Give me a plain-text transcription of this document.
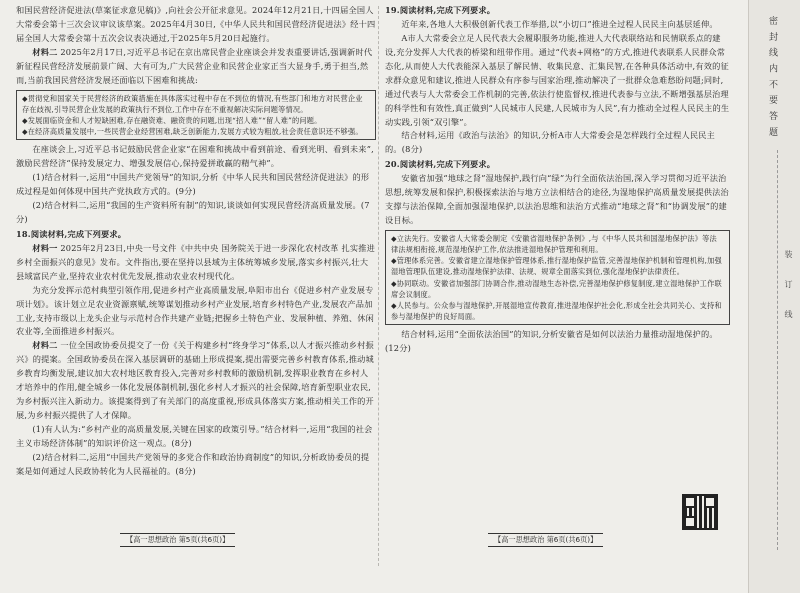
和国民营经济促进法(草案征求意见稿)》,向社会公开征求意见。2024年12月21日,十四届全国人大常委会第十三次会议审议该草案。2025年4月30日,《中华人民共和国民营经济促进法》经十四届全国人大常委会第十五次会议表决通过,于2025年5月20日起施行。

材料二 2025年2月17日,习近平总书记在京出席民营企业座谈会并发表重要讲话,强调新时代新征程民营经济发展前景广阔、大有可为,广大民营企业和民营企业家正当大显身手,勇于担当,然而,当前我国民营经济发展还面临以下困难和挑战:

◆贯彻党和国家关于民营经济的政策措施在具体落实过程中存在不到位的情况,有些部门和地方对民营企业存在歧视,引导民营企业发展的政策执行不到位,工作中存在不重视解决实际问题等情况。

◆发展面临资金和人才短缺困难,存在融资难、融资贵的问题,出现“招人难”“留人难”的问题。

◆在经济高质量发展中,一些民营企业经营困难,缺乏创新能力,发展方式较为粗放,社会责任意识还不够强。

在座谈会上,习近平总书记鼓励民营企业家“在困难和挑战中看到前途、看到光明、看到未来”,激励民营经济“保持发展定力、增强发展信心,保持爱拼敢赢的精气神”。

(1)结合材料一,运用“中国共产党领导”的知识,分析《中华人民共和国民营经济促进法》的形成过程是如何体现中国共产党执政方式的。(9分)

(2)结合材料二,运用“我国的生产资料所有制”的知识,谈谈如何实现民营经济高质量发展。(7分)

18.阅读材料,完成下列要求。

材料一 2025年2月23日,中央一号文件《中共中央 国务院关于进一步深化农村改革 扎实推进乡村全面振兴的意见》发布。文件指出,要在坚持以县域为主体统筹城乡发展,落实乡村振兴,壮大县域富民产业,坚持农业农村优先发展,推动农业农村现代化。

为充分发挥示范村典型引领作用,促进乡村产业高质量发展,阜阳市出台《促进乡村产业发展专项计划》。该计划立足农业资源禀赋,统筹谋划推动乡村产业发展,培育乡村特色产业,发展农产品加工业,支持市级以上龙头企业与示范村合作共建产业链;把握乡土特色产业、发展种植、养殖、休闲农业等,全面推进乡村振兴。

材料二 一位全国政协委员提交了一份《关于构建乡村“终身学习”体系,以人才振兴推动乡村振兴》的提案。全国政协委员在深入基层调研的基础上形成提案,提出需要完善乡村教育体系,推动城乡教育均衡发展,建议加大农村地区教育投入,完善对乡村教师的激励机制,发挥职业教育在乡村人才培养中的作用,健全城乡一体化发展体制机制,强化乡村人才振兴的社会保障,培育新型职业农民,为乡村振兴注入新动力。该提案得到了有关部门的高度重视,形成具体落实方案,推动相关工作的开展,为乡村振兴提供了人才保障。

(1)有人认为:“乡村产业的高质量发展,关键在国家的政策引导。”结合材料一,运用“我国的社会主义市场经济体制”的知识评价这一观点。(8分)

(2)结合材料二,运用“中国共产党领导的多党合作和政治协商制度”的知识,分析政协委员的提案是如何通过人民政协转化为人民福祉的。(8分)

19.阅读材料,完成下列要求。

近年来,各地人大积极创新代表工作举措,以“小切口”推进全过程人民民主向基层延伸。

A市人大常委会立足人民代表大会履职服务功能,推进人大代表联络站和民情联系点的建设,充分发挥人大代表的桥梁和纽带作用。通过“代表+网格”的方式,推进代表联系人民群众常态化,从而使人大代表能深入基层了解民情、收集民意、汇集民智,在各种具体活动中,有效的征求群众意见和建议,推进人民群众有序参与国家治理,推动解决了一批群众急难愁盼问题;同时,通过代表与人大常委会工作机制的完善,依法行使监督权,推进代表参与立法,不断增强基层治理的科学性和有效性,真正做到“人民城市人民建,人民城市为人民”,有力推动全过程人民民主的生动实践,引领“双引擎”。

结合材料,运用《政治与法治》的知识,分析A市人大常委会是怎样践行全过程人民民主的。(8分)

20.阅读材料,完成下列要求。

安徽省加强“地球之肾”湿地保护,践行向“绿”为行全面依法治国,深入学习贯彻习近平法治思想,统筹发展和保护,积极探索法治与地方立法相结合的途径,为湿地保护高质量发展提供法治支撑与法治保障,全面加强湿地保护,以法治思维和法治方式推动“地球之肾”和“协调发展”的建设目标。

◆立法先行。安徽省人大常委会制定《安徽省湿地保护条例》,与《中华人民共和国湿地保护法》等法律法规相衔接,规范湿地保护工作,依法推进湿地保护管理和利用。

◆管理体系完善。安徽省建立湿地保护管理体系,推行湿地保护监管,完善湿地保护机制和管理机构,加强湿地管理队伍建设,推动湿地保护法律、法规、规章全面落实到位,强化湿地保护法律责任。

◆协同联动。安徽省加强部门协调合作,推动湿地生态补偿,完善湿地保护修复制度,建立湿地保护工作联席会议制度。

◆人民参与。公众参与湿地保护,开展湿地宣传教育,推进湿地保护社会化,形成全社会共同关心、支持和参与湿地保护的良好局面。

结合材料,运用“全面依法治国”的知识,分析安徽省是如何以法治力量推动湿地保护的。(12分)

【高一思想政治 第5页(共6页)】	【高一思想政治 第6页(共6页)】
密 封 线 内 不 要 答 题
装订线
